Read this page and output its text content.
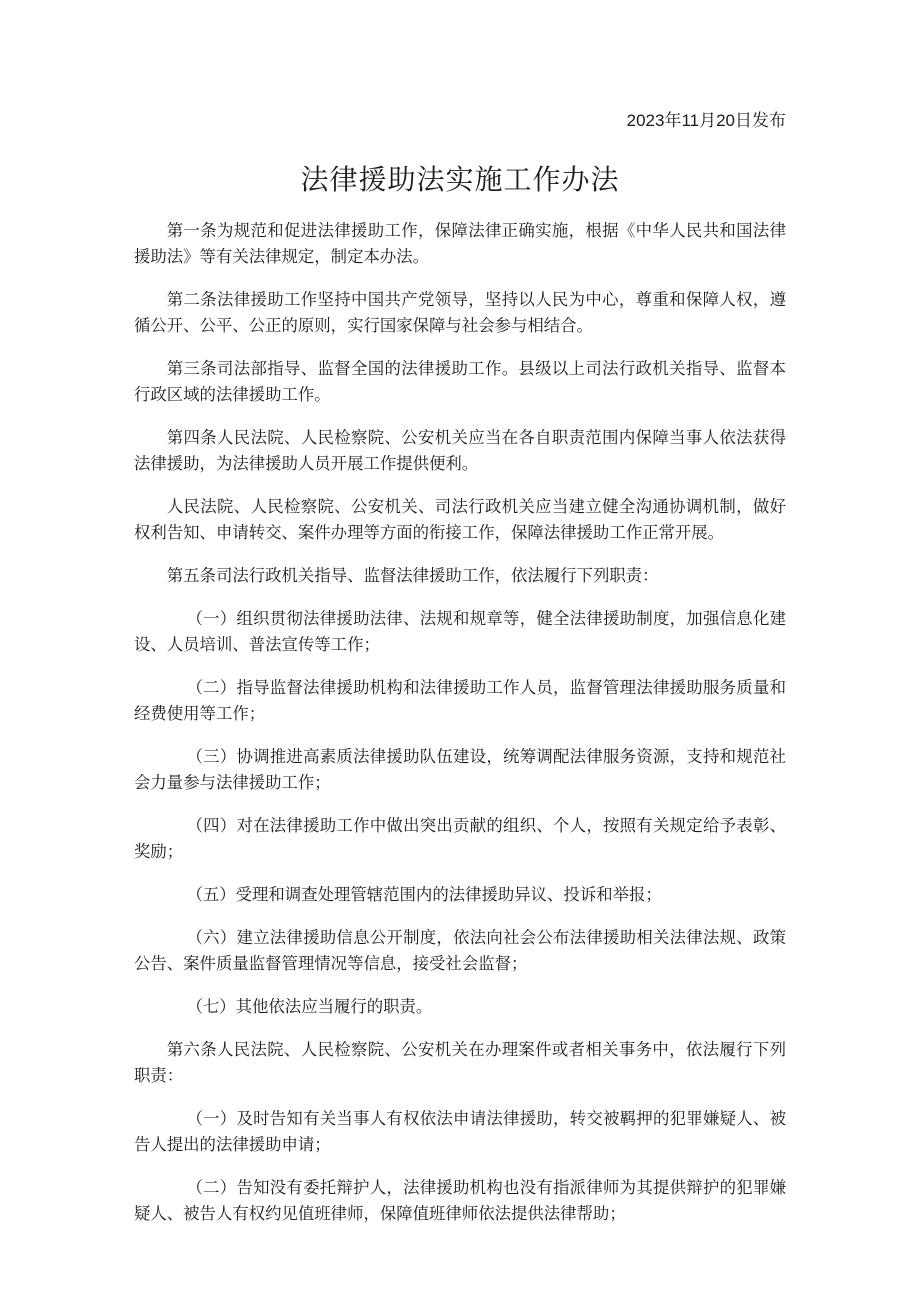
2023年11月20日发布
法律援助法实施工作办法

第一条为规范和促进法律援助工作，保障法律正确实施，根据《中华人民共和国法律援助法》等有关法律规定，制定本办法。

第二条法律援助工作坚持中国共产党领导，坚持以人民为中心，尊重和保障人权，遵循公开、公平、公正的原则，实行国家保障与社会参与相结合。

第三条司法部指导、监督全国的法律援助工作。县级以上司法行政机关指导、监督本行政区域的法律援助工作。

第四条人民法院、人民检察院、公安机关应当在各自职责范围内保障当事人依法获得法律援助，为法律援助人员开展工作提供便利。

人民法院、人民检察院、公安机关、司法行政机关应当建立健全沟通协调机制，做好权利告知、申请转交、案件办理等方面的衔接工作，保障法律援助工作正常开展。

第五条司法行政机关指导、监督法律援助工作，依法履行下列职责：

（一）组织贯彻法律援助法律、法规和规章等，健全法律援助制度，加强信息化建设、人员培训、普法宣传等工作；

（二）指导监督法律援助机构和法律援助工作人员，监督管理法律援助服务质量和经费使用等工作；

（三）协调推进高素质法律援助队伍建设，统筹调配法律服务资源，支持和规范社会力量参与法律援助工作；

（四）对在法律援助工作中做出突出贡献的组织、个人，按照有关规定给予表彰、奖励；

（五）受理和调查处理管辖范围内的法律援助异议、投诉和举报；

（六）建立法律援助信息公开制度，依法向社会公布法律援助相关法律法规、政策公告、案件质量监督管理情况等信息，接受社会监督；

（七）其他依法应当履行的职责。

第六条人民法院、人民检察院、公安机关在办理案件或者相关事务中，依法履行下列职责：

（一）及时告知有关当事人有权依法申请法律援助，转交被羁押的犯罪嫌疑人、被告人提出的法律援助申请；

（二）告知没有委托辩护人，法律援助机构也没有指派律师为其提供辩护的犯罪嫌疑人、被告人有权约见值班律师，保障值班律师依法提供法律帮助；
